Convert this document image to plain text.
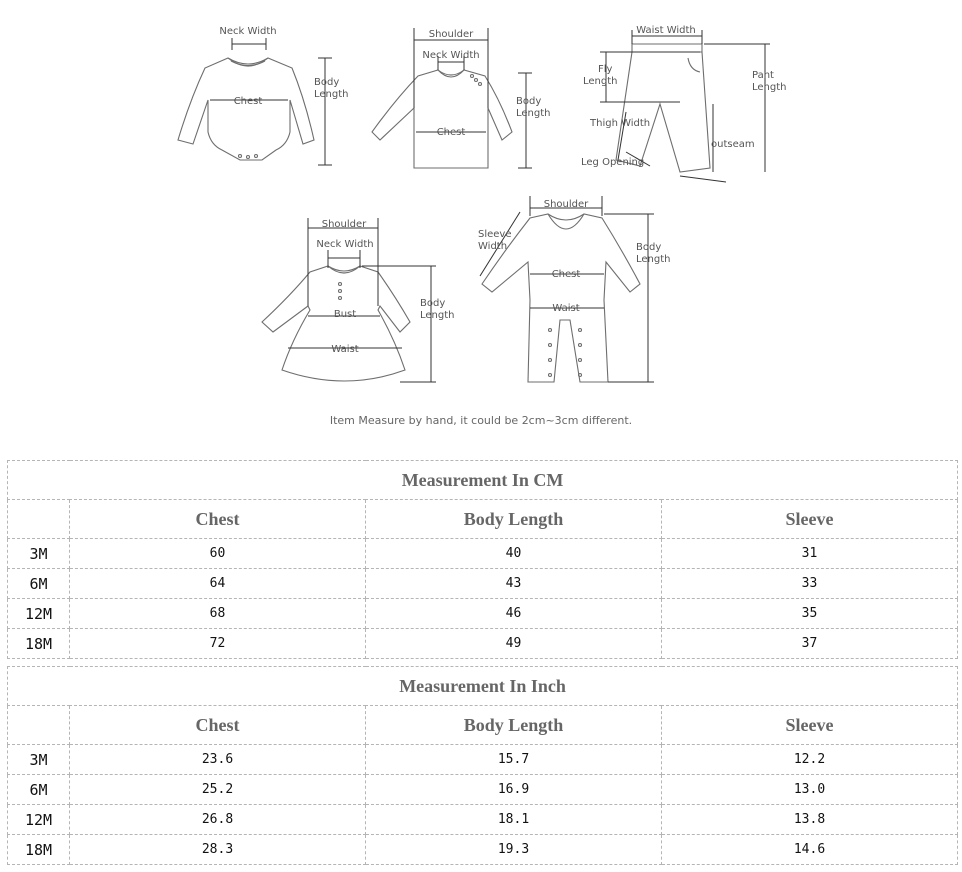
Neck Width
Chest
Body Length
Shoulder
Neck Width
Chest
Body Length
Waist Width
Fly Length
Pant Length
Thigh Width
outseam
Leg Opening
Shoulder
Neck Width
Bust
Waist
Body Length
Shoulder
Sleeve Width
Chest
Waist
Body Length
Item Measure by hand, it could be 2cm~3cm different.
Measurement In CM			
	Chest	Body Length	Sleeve
3M	60	40	31
6M	64	43	33
12M	68	46	35
18M	72	49	37
Measurement In Inch			
	Chest	Body Length	Sleeve
3M	23.6	15.7	12.2
6M	25.2	16.9	13.0
12M	26.8	18.1	13.8
18M	28.3	19.3	14.6
